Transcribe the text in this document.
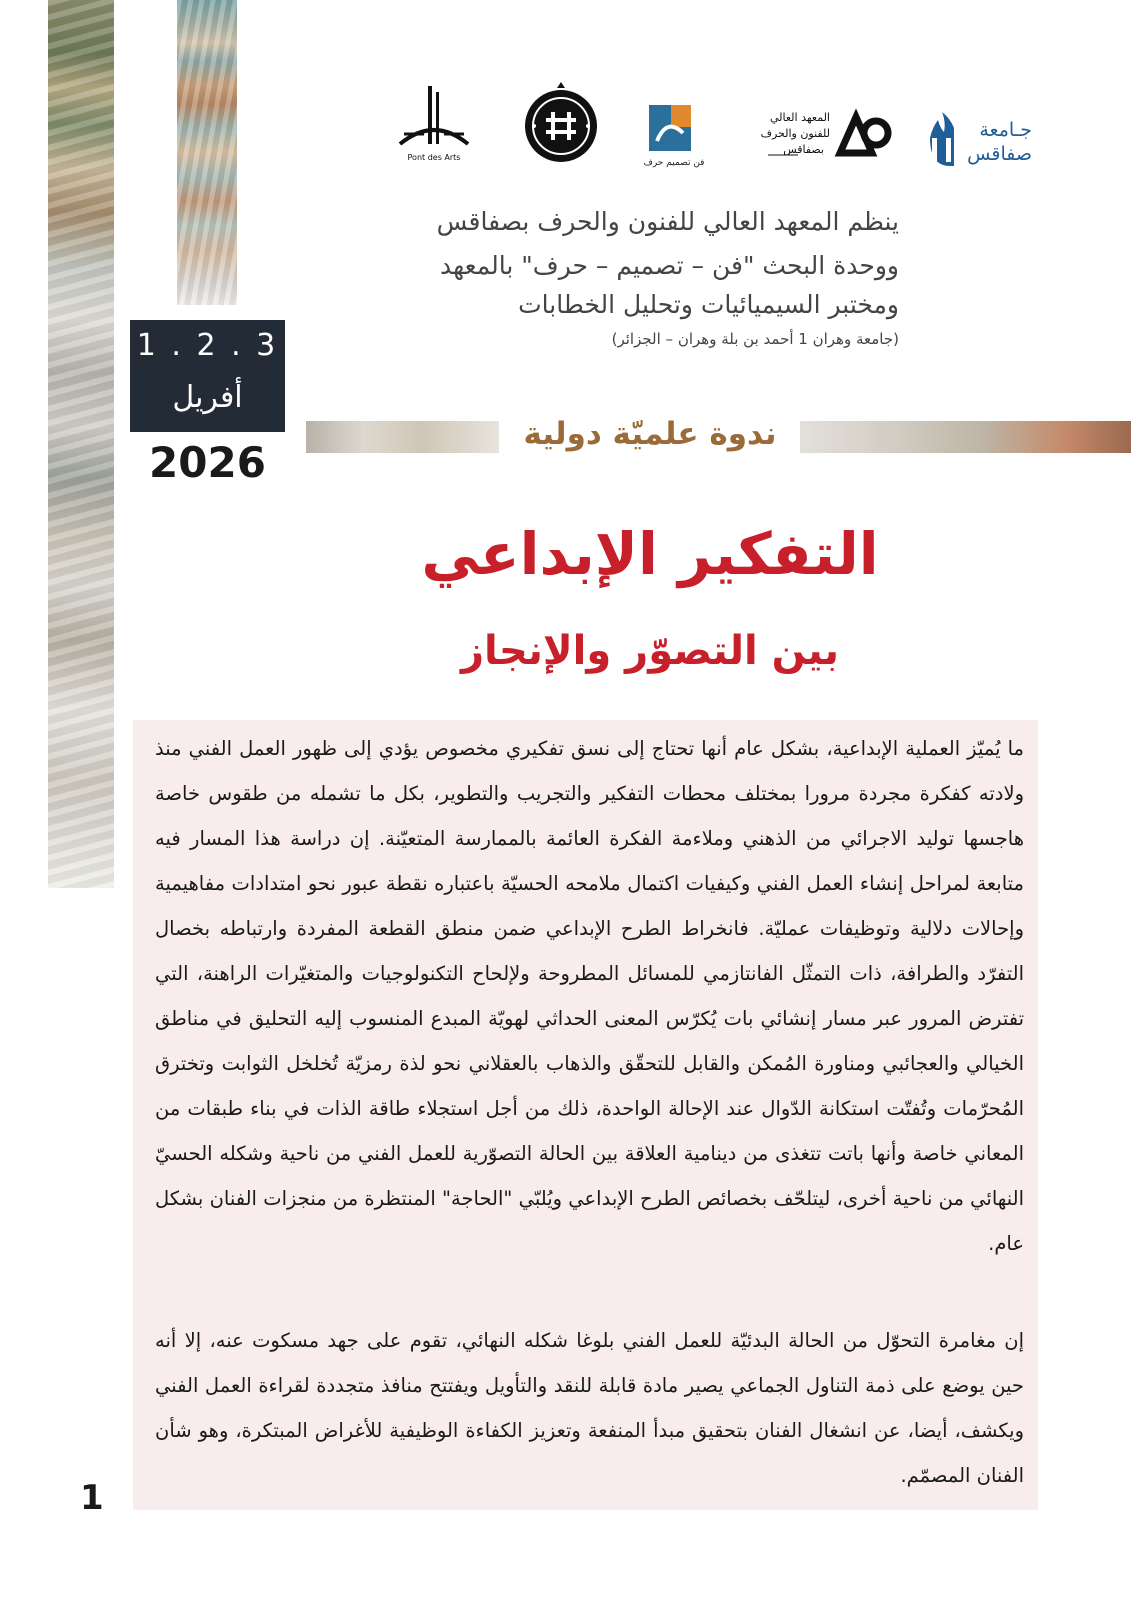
جـامعة
صفاقس
المعهد العالي
للفنون والحرف
بصفاقس
فن تصميم حرف
Pont des Arts
ينظم المعهد العالي للفنون والحرف بصفاقس
ووحدة البحث "فن – تصميم – حرف" بالمعهد
ومختبر السيميائيات وتحليل الخطابات
(جامعة وهران 1 أحمد بن بلة وهران – الجزائر)
1 . 2 . 3
أفريل
2026
ندوة علميّة دولية
التفكير الإبداعي
بين التصوّر والإنجاز

ما يُميّز العملية الإبداعية، بشكل عام أنها تحتاج إلى نسق تفكيري مخصوص يؤدي إلى ظهور العمل الفني منذ ولادته كفكرة مجردة مرورا بمختلف محطات التفكير والتجريب والتطوير، بكل ما تشمله من طقوس خاصة هاجسها توليد الاجرائي من الذهني وملاءمة الفكرة العائمة بالممارسة المتعيّنة. إن دراسة هذا المسار فيه متابعة لمراحل إنشاء العمل الفني وكيفيات اكتمال ملامحه الحسيّة باعتباره نقطة عبور نحو امتدادات مفاهيمية وإحالات دلالية وتوظيفات عمليّة. فانخراط الطرح الإبداعي ضمن منطق القطعة المفردة وارتباطه بخصال التفرّد والطرافة، ذات التمثّل الفانتازمي للمسائل المطروحة ولإلحاح التكنولوجيات والمتغيّرات الراهنة، التي تفترض المرور عبر مسار إنشائي بات يُكرّس المعنى الحداثي لهويّة المبدع المنسوب إليه التحليق في مناطق الخيالي والعجائبي ومناورة المُمكن والقابل للتحقّق والذهاب بالعقلاني نحو لذة رمزيّة تُخلخل الثوابت وتخترق المُحرّمات وتُفتّت استكانة الدّوال عند الإحالة الواحدة، ذلك من أجل استجلاء طاقة الذات في بناء طبقات من المعاني خاصة وأنها باتت تتغذى من دينامية العلاقة بين الحالة التصوّرية للعمل الفني من ناحية وشكله الحسيّ النهائي من ناحية أخرى، ليتلحّف بخصائص الطرح الإبداعي ويُلبّي "الحاجة" المنتظرة من منجزات الفنان بشكل عام.

إن مغامرة التحوّل من الحالة البدئيّة للعمل الفني بلوغا شكله النهائي، تقوم على جهد مسكوت عنه، إلا أنه حين يوضع على ذمة التناول الجماعي يصير مادة قابلة للنقد والتأويل ويفتتح منافذ متجددة لقراءة العمل الفني ويكشف، أيضا، عن انشغال الفنان بتحقيق مبدأ المنفعة وتعزيز الكفاءة الوظيفية للأغراض المبتكرة، وهو شأن الفنان المصمّم.

1
